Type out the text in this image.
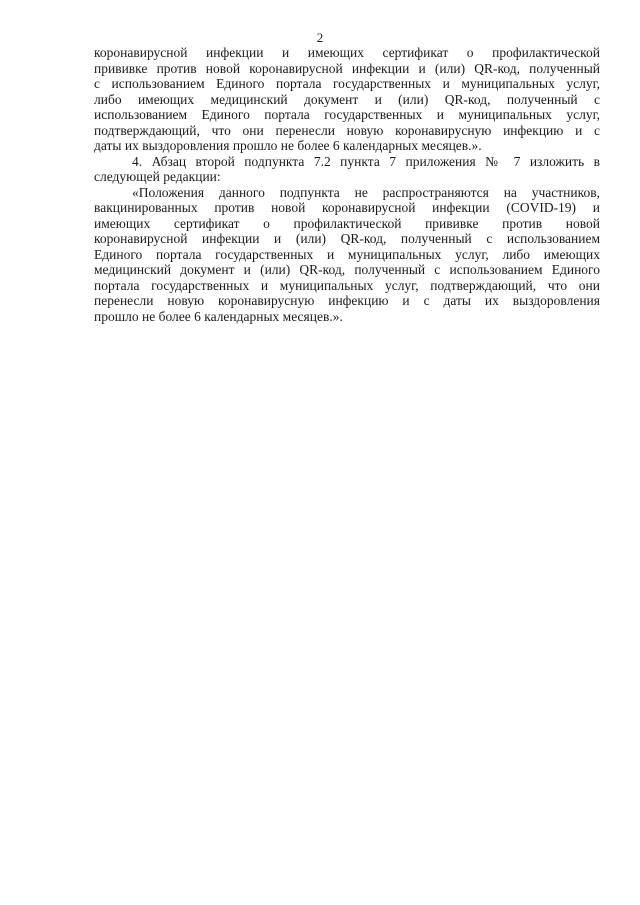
2
коронавирусной инфекции и имеющих сертификат о профилактической
прививке против новой коронавирусной инфекции и (или) QR-код, полученный
с использованием Единого портала государственных и муниципальных услуг,
либо имеющих медицинский документ и (или) QR-код, полученный с
использованием Единого портала государственных и муниципальных услуг,
подтверждающий, что они перенесли новую коронавирусную инфекцию и с
даты их выздоровления прошло не более 6 календарных месяцев.».
4. Абзац второй подпункта 7.2 пункта 7 приложения № 7 изложить в
следующей редакции:
«Положения данного подпункта не распространяются на участников,
вакцинированных против новой коронавирусной инфекции (COVID-19) и
имеющих сертификат о профилактической прививке против новой
коронавирусной инфекции и (или) QR-код, полученный с использованием
Единого портала государственных и муниципальных услуг, либо имеющих
медицинский документ и (или) QR-код, полученный с использованием Единого
портала государственных и муниципальных услуг, подтверждающий, что они
перенесли новую коронавирусную инфекцию и с даты их выздоровления
прошло не более 6 календарных месяцев.».
